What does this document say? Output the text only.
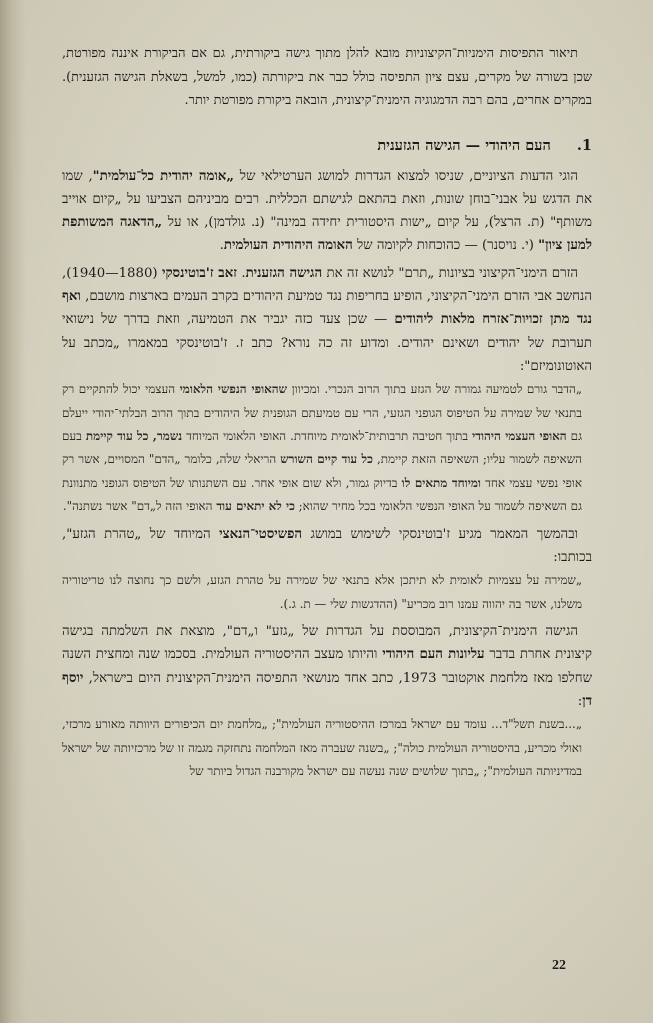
תיאור התפיסות הימניות־הקיצוניות מובא להלן מתוך גישה ביקורתית, גם אם הביקורת איננה מפורטת, שכן בשורה של מקרים, עצם ציון התפיסה כולל כבר את ביקורתה (כמו, למשל, בשאלת הגישה הגזענית). במקרים אחרים, בהם רבה הדמגוגיה הימנית־קיצונית, הובאה ביקורת מפורטת יותר.

1.
העם היהודי — הגישה הגזענית

הוגי הדעות הציוניים, שניסו למצוא הגדרות למושג הערטילאי של „אומה יהודית כל־עולמית", שמו את הדגש על אבני־בוחן שונות, וזאת בהתאם לגישתם הכללית. רבים מביניהם הצביעו על „קיום אוייב משותף" (ת. הרצל), על קיום „ישות היסטורית יחידה במינה" (נ. גולדמן), או על „הדאגה המשותפת למען ציון" (י. נויסנר) — כהוכחות לקיומה של האומה היהודית העולמית.

הזרם הימני־הקיצוני בציונות „תרם" לנושא זה את הגישה הגזענית. זאב ז'בוטינסקי (1880—1940), הנחשב אבי הזרם הימני־הקיצוני, הופיע בחריפות נגד טמיעת היהודים בקרב העמים בארצות מושבם, ואף נגד מתן זכויות־אזרח מלאות ליהודים — שכן צעד כזה יגביר את הטמיעה, וזאת בדרך של נישואי תערובת של יהודים ושאינם יהודים. ומדוע זה כה נורא? כתב ז. ז'בוטינסקי במאמרו „מכתב על האוטונומיזם":

„הדבר גורם לטמיעה גמורה של הגזע בתוך הרוב הנכרי. ומכיוון שהאופי הנפשי הלאומי העצמי יכול להתקיים רק בתנאי של שמירה על הטיפוס הגופני הגזעי, הרי עם טמיעתם הגופנית של היהודים בתוך הרוב הבלתי־יהודי ייעלם גם האופי העצמי היהודי בתוך חטיבה תרבותית־לאומית מיוחדת. האופי הלאומי המיוחד נשמר, כל עוד קיימת בעם השאיפה לשמור עליו; השאיפה הזאת קיימת, כל עוד קיים השורש הריאלי שלה, כלומר „הדם" המסויים, אשר רק אופי נפשי עצמי אחד ומיוחד מתאים לו בדיוק גמור, ולא שום אופי אחר. עם השתנותו של הטיפוס הגופני מתנוונת גם השאיפה לשמור על האופי הנפשי הלאומי בכל מחיר שהוא; כי לא יתאים עוד האופי הזה ל„דם" אשר נשתנה".

ובהמשך המאמר מגיע ז'בוטינסקי לשימוש במושג הפשיסטי־הנאצי המיוחד של „טהרת הגזע", בכותבו:

„שמירה על עצמיות לאומית לא תיתכן אלא בתנאי של שמירה על טהרת הגזע, ולשם כך נחוצה לנו טריטוריה משלנו, אשר בה יהווה עמנו רוב מכריע" (ההדגשות שלי — ת. ג.).

הגישה הימנית־הקיצונית, המבוססת על הגדרות של „גזע" ו„דם", מוצאת את השלמתה בגישה קיצונית אחרת בדבר עליונות העם היהודי והיותו מעצב ההיסטוריה העולמית. בסכמו שנה ומחצית השנה שחלפו מאז מלחמת אוקטובר 1973, כתב אחד מנושאי התפיסה הימנית־הקיצונית היום בישראל, יוסף דן:

„...בשנת תשל"ד... עומד עם ישראל במרכז ההיסטוריה העולמית"; „מלחמת יום הכיפורים היוותה מאורע מרכזי, ואולי מכריע, בהיסטוריה העולמית כולה"; „בשנה שעברה מאז המלחמה נתחזקה מגמה זו של מרכזיותה של ישראל במדיניותה העולמית"; „בתוך שלושים שנה נעשה עם ישראל מקורבנה הגדול ביותר של

22
